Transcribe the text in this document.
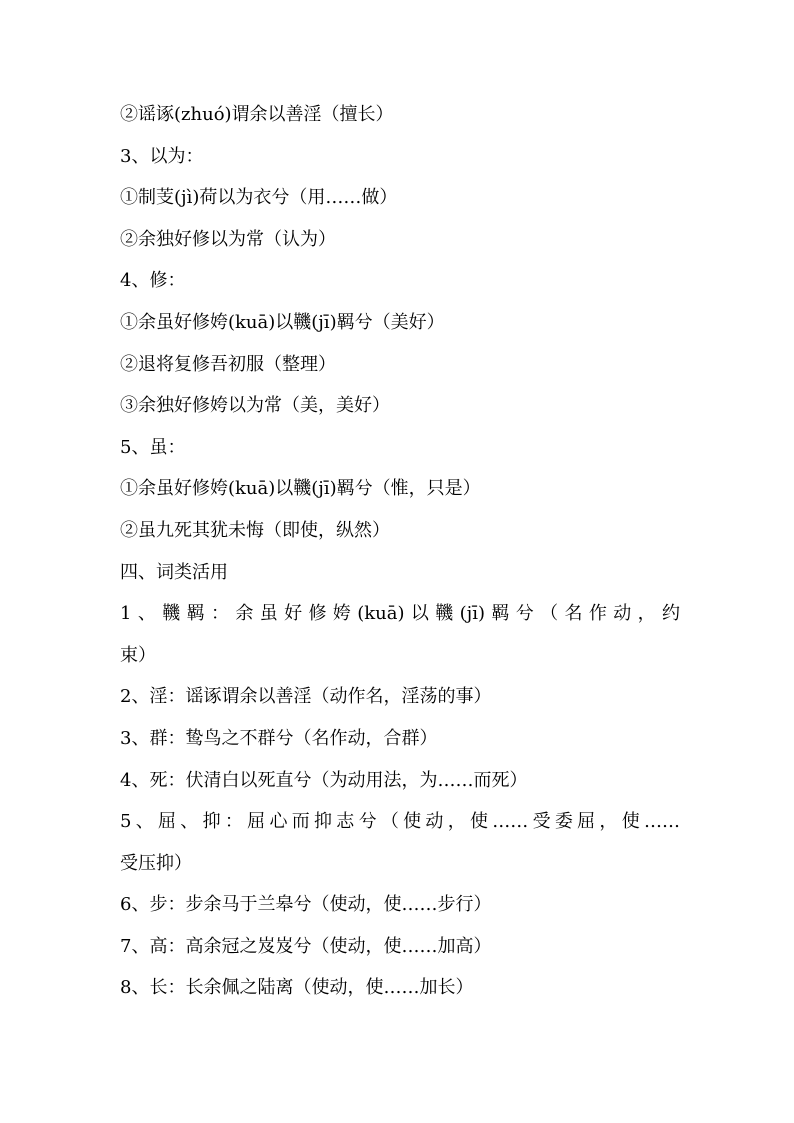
②谣诼(zhuó)谓余以善淫（擅长）
3、以为：
①制芰(jì)荷以为衣兮（用……做）
②余独好修以为常（认为）
4、修：
①余虽好修姱(kuā)以鞿(jī)羁兮（美好）
②退将复修吾初服（整理）
③余独好修姱以为常（美，美好）
5、虽：
①余虽好修姱(kuā)以鞿(jī)羁兮（惟，只是）
②虽九死其犹未悔（即使，纵然）
四、词类活用
1、鞿羁：余虽好修姱(kuā)以鞿(jī)羁兮（名作动，约
束）
2、淫：谣诼谓余以善淫（动作名，淫荡的事）
3、群：鸷鸟之不群兮（名作动，合群）
4、死：伏清白以死直兮（为动用法，为……而死）
5、屈、抑：屈心而抑志兮（使动，使……受委屈，使……
受压抑）
6、步：步余马于兰皋兮（使动，使……步行）
7、高：高余冠之岌岌兮（使动，使……加高）
8、长：长余佩之陆离（使动，使……加长）
